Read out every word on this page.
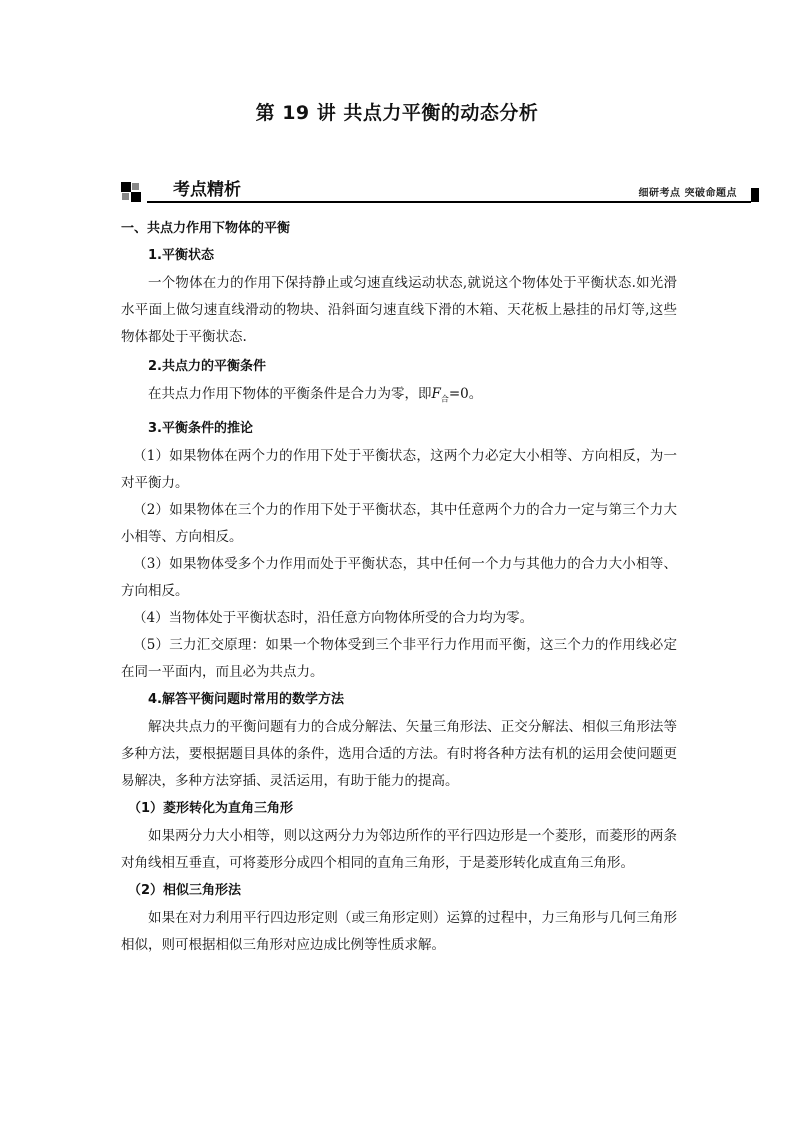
第 19 讲 共点力平衡的动态分析
考点精析	细研考点 突破命题点
一、共点力作用下物体的平衡
1.平衡状态
一个物体在力的作用下保持静止或匀速直线运动状态,就说这个物体处于平衡状态.如光滑水平面上做匀速直线滑动的物块、沿斜面匀速直线下滑的木箱、天花板上悬挂的吊灯等,这些物体都处于平衡状态.
2.共点力的平衡条件
在共点力作用下物体的平衡条件是合力为零，即$F_合=0$。
3.平衡条件的推论
（1）如果物体在两个力的作用下处于平衡状态，这两个力必定大小相等、方向相反，为一对平衡力。
（2）如果物体在三个力的作用下处于平衡状态，其中任意两个力的合力一定与第三个力大小相等、方向相反。
（3）如果物体受多个力作用而处于平衡状态，其中任何一个力与其他力的合力大小相等、方向相反。
（4）当物体处于平衡状态时，沿任意方向物体所受的合力均为零。
（5）三力汇交原理：如果一个物体受到三个非平行力作用而平衡，这三个力的作用线必定在同一平面内，而且必为共点力。
4.解答平衡问题时常用的数学方法
解决共点力的平衡问题有力的合成分解法、矢量三角形法、正交分解法、相似三角形法等多种方法，要根据题目具体的条件，选用合适的方法。有时将各种方法有机的运用会使问题更易解决，多种方法穿插、灵活运用，有助于能力的提高。
（1）菱形转化为直角三角形
如果两分力大小相等，则以这两分力为邻边所作的平行四边形是一个菱形，而菱形的两条对角线相互垂直，可将菱形分成四个相同的直角三角形，于是菱形转化成直角三角形。
（2）相似三角形法
如果在对力利用平行四边形定则（或三角形定则）运算的过程中，力三角形与几何三角形相似，则可根据相似三角形对应边成比例等性质求解。
